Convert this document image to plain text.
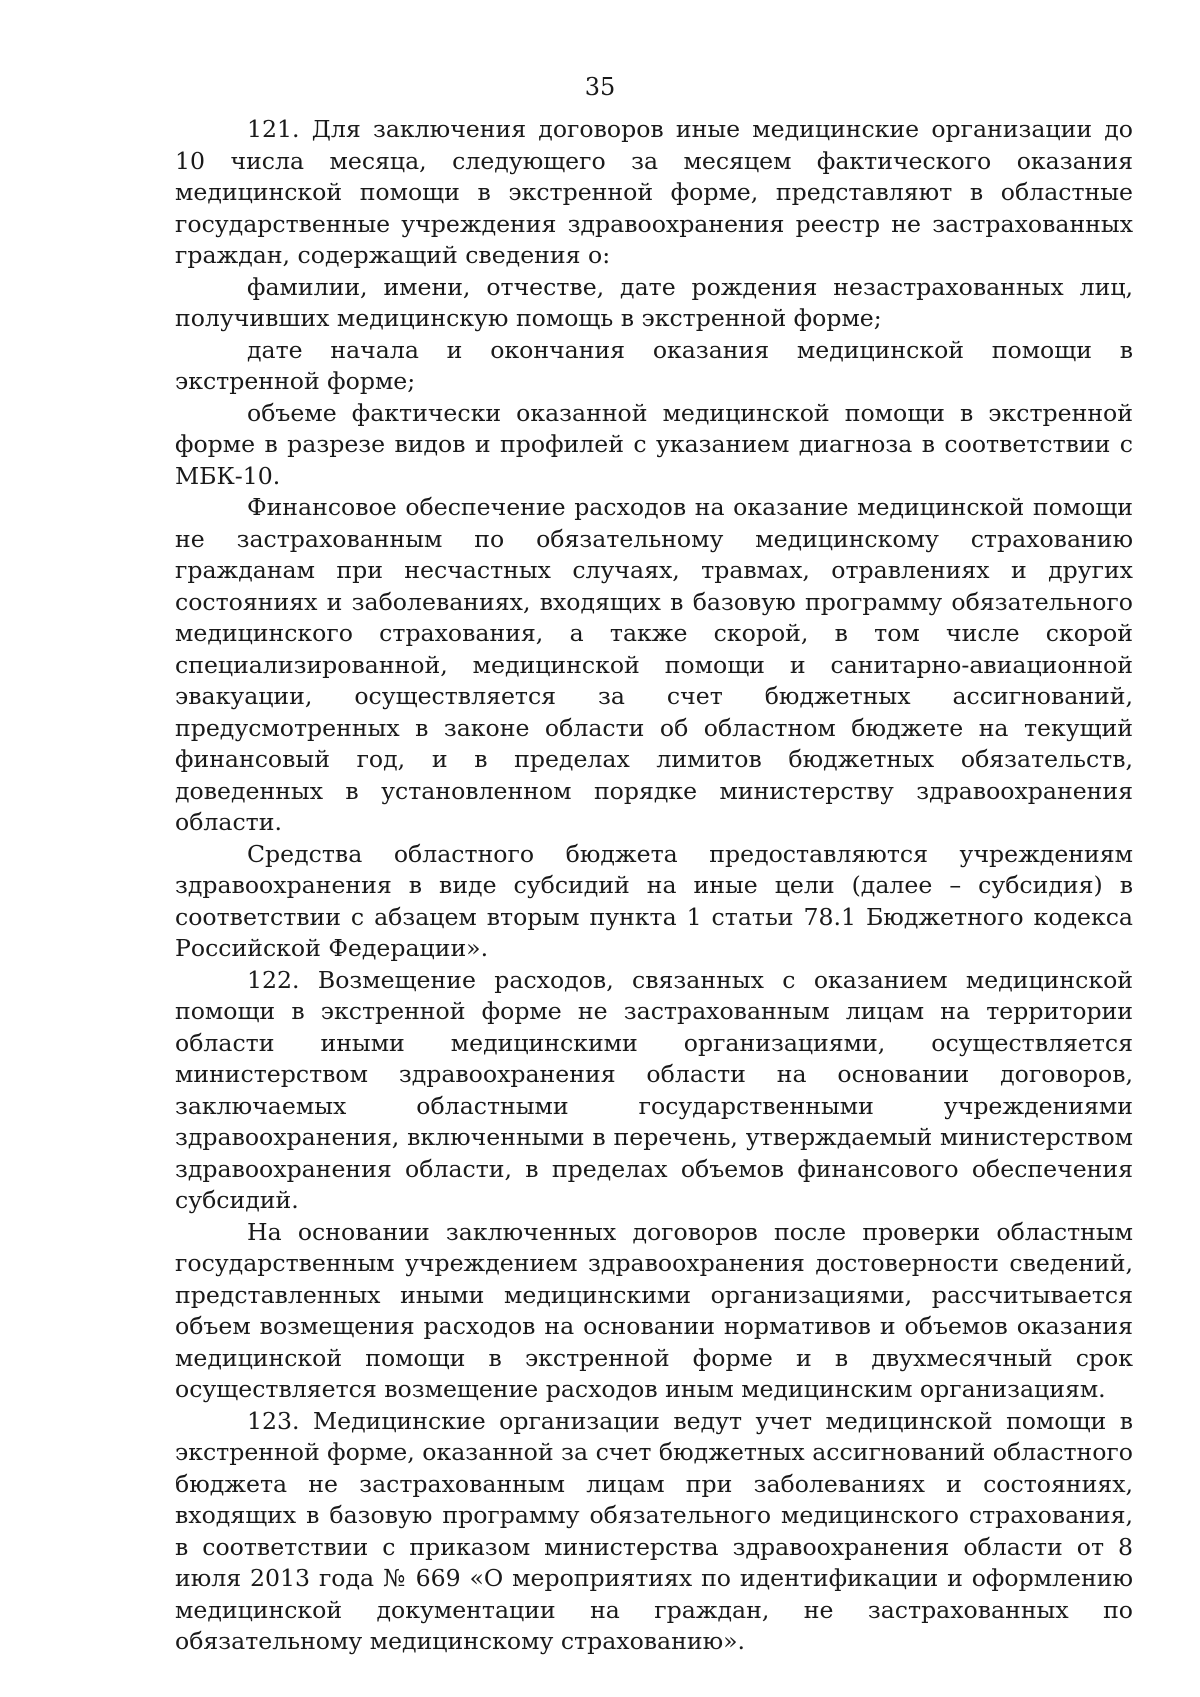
35

121. Для заключения договоров иные медицинские организации до 10 числа месяца, следующего за месяцем фактического оказания медицинской помощи в экстренной форме, представляют в областные государственные учреждения здравоохранения реестр не застрахованных граждан, содержащий сведения о:

фамилии, имени, отчестве, дате рождения незастрахованных лиц, получивших медицинскую помощь в экстренной форме;

дате начала и окончания оказания медицинской помощи в экстренной форме;

объеме фактически оказанной медицинской помощи в экстренной форме в разрезе видов и профилей с указанием диагноза в соответствии с МБК-10.

Финансовое обеспечение расходов на оказание медицинской помощи не застрахованным по обязательному медицинскому страхованию гражданам при несчастных случаях, травмах, отравлениях и других состояниях и заболеваниях, входящих в базовую программу обязательного медицинского страхования, а также скорой, в том числе скорой специализированной, медицинской помощи и санитарно-авиационной эвакуации, осуществляется за счет бюджетных ассигнований, предусмотренных в законе области об областном бюджете на текущий финансовый год, и в пределах лимитов бюджетных обязательств, доведенных в установленном порядке министерству здравоохранения области.

Средства областного бюджета предоставляются учреждениям здравоохранения в виде субсидий на иные цели (далее – субсидия) в соответствии с абзацем вторым пункта 1 статьи 78.1 Бюджетного кодекса Российской Федерации».

122. Возмещение расходов, связанных с оказанием медицинской помощи в экстренной форме не застрахованным лицам на территории области иными медицинскими организациями, осуществляется министерством здравоохранения области на основании договоров, заключаемых областными государственными учреждениями здравоохранения, включенными в перечень, утверждаемый министерством здравоохранения области, в пределах объемов финансового обеспечения субсидий.

На основании заключенных договоров после проверки областным государственным учреждением здравоохранения достоверности сведений, представленных иными медицинскими организациями, рассчитывается объем возмещения расходов на основании нормативов и объемов оказания медицинской помощи в экстренной форме и в двухмесячный срок осуществляется возмещение расходов иным медицинским организациям.

123. Медицинские организации ведут учет медицинской помощи в экстренной форме, оказанной за счет бюджетных ассигнований областного бюджета не застрахованным лицам при заболеваниях и состояниях, входящих в базовую программу обязательного медицинского страхования, в соответствии с приказом министерства здравоохранения области от 8 июля 2013 года № 669 «О мероприятиях по идентификации и оформлению медицинской документации на граждан, не застрахованных по обязательному медицинскому страхованию».
